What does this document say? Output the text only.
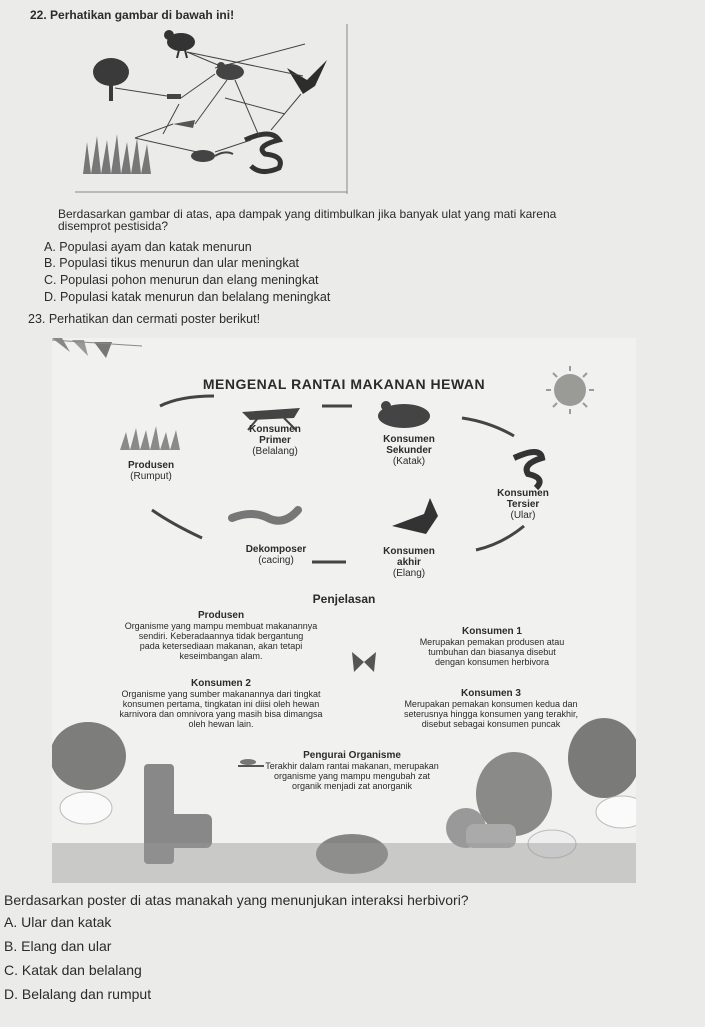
22. Perhatikan gambar di bawah ini!
Berdasarkan gambar di atas, apa dampak yang ditimbulkan jika banyak ulat yang mati karena
disemprot pestisida?
A. Populasi ayam dan katak menurun
B. Populasi tikus menurun dan ular meningkat
C. Populasi pohon menurun dan elang meningkat
D. Populasi katak menurun dan belalang meningkat
23. Perhatikan dan cermati poster berikut!
MENGENAL RANTAI MAKANAN HEWAN
Produsen
(Rumput)
Konsumen
Primer
(Belalang)
Konsumen
Sekunder
(Katak)
Konsumen
Tersier
(Ular)
Konsumen
akhir
(Elang)
Dekomposer
(cacing)
Penjelasan
Produsen
Organisme yang mampu membuat makanannya
sendiri. Keberadaannya tidak bergantung
pada ketersediaan makanan, akan tetapi
keseimbangan alam.
Konsumen 1
Merupakan pemakan produsen atau
tumbuhan dan biasanya disebut
dengan konsumen herbivora
Konsumen 2
Organisme yang sumber makanannya dari tingkat
konsumen pertama, tingkatan ini diisi oleh hewan
karnivora dan omnivora yang masih bisa dimangsa
oleh hewan lain.
Konsumen 3
Merupakan pemakan konsumen kedua dan
seterusnya hingga konsumen yang terakhir,
disebut sebagai konsumen puncak
Pengurai Organisme
Terakhir dalam rantai makanan, merupakan
organisme yang mampu mengubah zat
organik menjadi zat anorganik
Berdasarkan poster di atas manakah yang menunjukan interaksi herbivori?
A. Ular dan katak
B. Elang dan ular
C. Katak dan belalang
D. Belalang dan rumput
